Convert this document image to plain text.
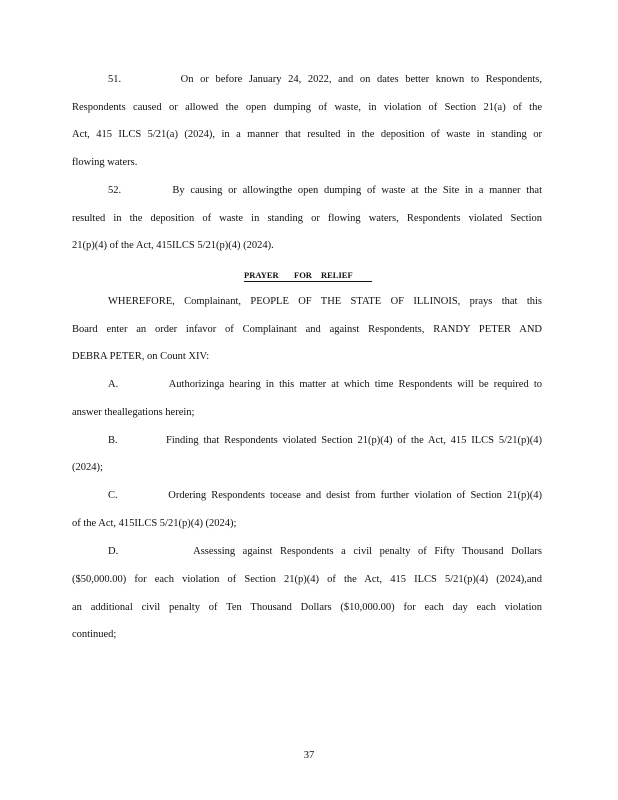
51.         On or before January 24, 2022, and on dates better known to Respondents,
Respondents caused or allowed the open dumping of waste, in violation of Section 21(a) of the
Act, 415 ILCS 5/21(a) (2024), in a manner that resulted in the deposition of waste in standing or
flowing waters.
52.         By causing or allowingthe open dumping of waste at the Site in a manner that
resulted in the deposition of waste in standing or flowing waters, Respondents violated Section
21(p)(4) of the Act, 415ILCS 5/21(p)(4) (2024).
PRAYER FOR RELIEF
WHEREFORE, Complainant, PEOPLE OF THE STATE OF ILLINOIS, prays that this
Board enter an order infavor of Complainant and against Respondents, RANDY PETER AND
DEBRA PETER, on Count XIV:
A.          Authorizinga hearing in this matter at which time Respondents will be required to
answer theallegations herein;
B.          Finding that Respondents violated Section 21(p)(4) of the Act, 415 ILCS 5/21(p)(4)
(2024);
C.          Ordering Respondents tocease and desist from further violation of Section 21(p)(4)
of the Act, 415ILCS 5/21(p)(4) (2024);
D.          Assessing against Respondents a civil penalty of Fifty Thousand Dollars
($50,000.00) for each violation of Section 21(p)(4) of the Act, 415 ILCS 5/21(p)(4) (2024),and
an additional civil penalty of Ten Thousand Dollars ($10,000.00) for each day each violation
continued;
37
